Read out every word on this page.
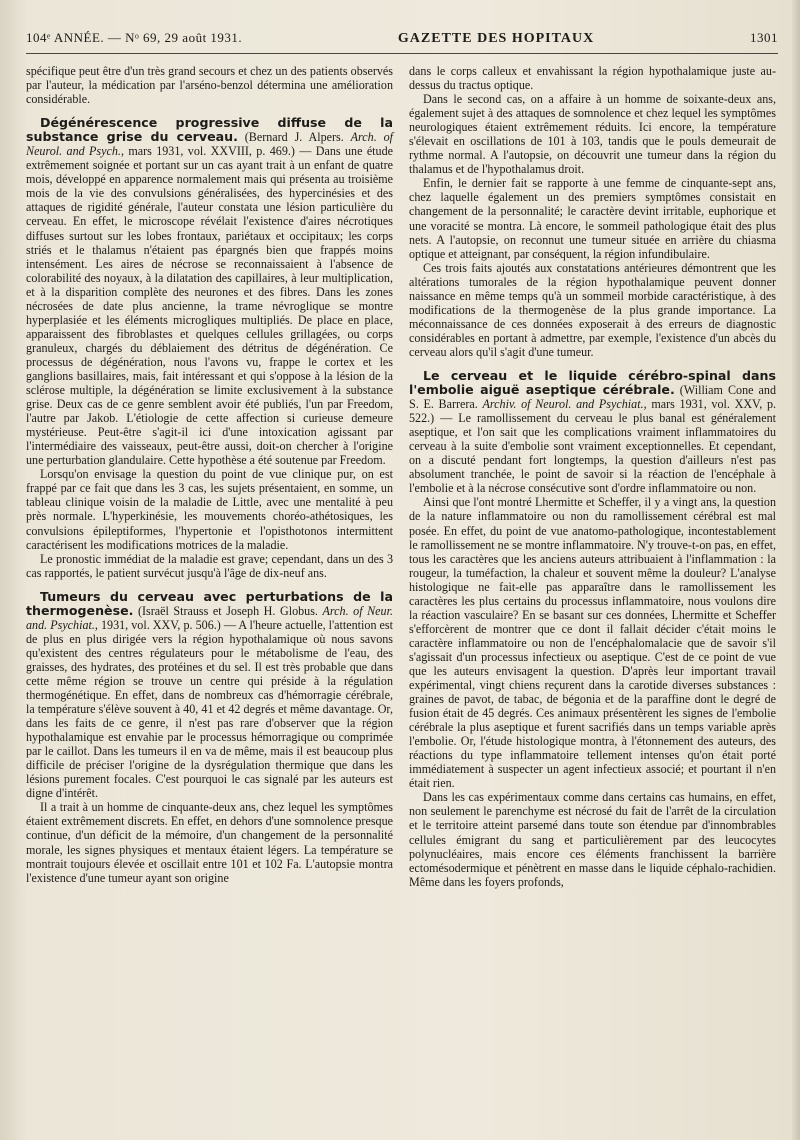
104ᵉ ANNÉE. — Nᵒ 69, 29 août 1931.	GAZETTE DES HOPITAUX	1301

spécifique peut être d'un très grand secours et chez un des patients observés par l'auteur, la médication par l'arséno-benzol détermina une amélioration considérable.

Dégénérescence progressive diffuse de la substance grise du cerveau. (Bernard J. Alpers. Arch. of Neurol. and Psych., mars 1931, vol. XXVIII, p. 469.) — Dans une étude extrêmement soignée et portant sur un cas ayant trait à un enfant de quatre mois, développé en apparence normalement mais qui présenta au troisième mois de la vie des convulsions généralisées, des hypercinésies et des attaques de rigidité générale, l'auteur constata une lésion particulière du cerveau. En effet, le microscope révélait l'existence d'aires nécrotiques diffuses surtout sur les lobes frontaux, pariétaux et occipitaux; les corps striés et le thalamus n'étaient pas épargnés bien que frappés moins intensément. Les aires de nécrose se reconnaissaient à l'absence de colorabilité des noyaux, à la dilatation des capillaires, à leur multiplication, et à la disparition complète des neurones et des fibres. Dans les zones nécrosées de date plus ancienne, la trame névroglique se montre hyperplasiée et les éléments microgliques multipliés. De place en place, apparaissent des fibroblastes et quelques cellules grillagées, ou corps granuleux, chargés du déblaiement des détritus de dégénération. Ce processus de dégénération, nous l'avons vu, frappe le cortex et les ganglions basillaires, mais, fait intéressant et qui s'oppose à la lésion de la sclérose multiple, la dégénération se limite exclusivement à la substance grise. Deux cas de ce genre semblent avoir été publiés, l'un par Freedom, l'autre par Jakob. L'étiologie de cette affection si curieuse demeure mystérieuse. Peut-être s'agit-il ici d'une intoxication agissant par l'intermédiaire des vaisseaux, peut-être aussi, doit-on chercher à l'origine une perturbation glandulaire. Cette hypothèse a été soutenue par Freedom.

Lorsqu'on envisage la question du point de vue clinique pur, on est frappé par ce fait que dans les 3 cas, les sujets présentaient, en somme, un tableau clinique voisin de la maladie de Little, avec une mentalité à peu près normale. L'hyperkinésie, les mouvements choréo-athétosiques, les convulsions épileptiformes, l'hypertonie et l'opisthotonos intermittent caractérisent les modifications motrices de la maladie.

Le pronostic immédiat de la maladie est grave; cependant, dans un des 3 cas rapportés, le patient survécut jusqu'à l'âge de dix-neuf ans.

Tumeurs du cerveau avec perturbations de la thermogenèse. (Israël Strauss et Joseph H. Globus. Arch. of Neur. and. Psychiat., 1931, vol. XXV, p. 506.) — A l'heure actuelle, l'attention est de plus en plus dirigée vers la région hypothalamique où nous savons qu'existent des centres régulateurs pour le métabolisme de l'eau, des graisses, des hydrates, des protéines et du sel. Il est très probable que dans cette même région se trouve un centre qui préside à la régulation thermogénétique. En effet, dans de nombreux cas d'hémorragie cérébrale, la température s'élève souvent à 40, 41 et 42 degrés et même davantage. Or, dans les faits de ce genre, il n'est pas rare d'observer que la région hypothalamique est envahie par le processus hémorragique ou comprimée par le caillot. Dans les tumeurs il en va de même, mais il est beaucoup plus difficile de préciser l'origine de la dysrégulation thermique que dans les lésions purement focales. C'est pourquoi le cas signalé par les auteurs est digne d'intérêt.

Il a trait à un homme de cinquante-deux ans, chez lequel les symptômes étaient extrêmement discrets. En effet, en dehors d'une somnolence presque continue, d'un déficit de la mémoire, d'un changement de la personnalité morale, les signes physiques et mentaux étaient légers. La température se montrait toujours élevée et oscillait entre 101 et 102 Fa. L'autopsie montra l'existence d'une tumeur ayant son origine

dans le corps calleux et envahissant la région hypothalamique juste au-dessus du tractus optique.

Dans le second cas, on a affaire à un homme de soixante-deux ans, également sujet à des attaques de somnolence et chez lequel les symptômes neurologiques étaient extrêmement réduits. Ici encore, la température s'élevait en oscillations de 101 à 103, tandis que le pouls demeurait de rythme normal. A l'autopsie, on découvrit une tumeur dans la région du thalamus et de l'hypothalamus droit.

Enfin, le dernier fait se rapporte à une femme de cinquante-sept ans, chez laquelle également un des premiers symptômes consistait en changement de la personnalité; le caractère devint irritable, euphorique et une voracité se montra. Là encore, le sommeil pathologique était des plus nets. A l'autopsie, on reconnut une tumeur située en arrière du chiasma optique et atteignant, par conséquent, la région infundibulaire.

Ces trois faits ajoutés aux constatations antérieures démontrent que les altérations tumorales de la région hypothalamique peuvent donner naissance en même temps qu'à un sommeil morbide caractéristique, à des modifications de la thermogenèse de la plus grande importance. La méconnaissance de ces données exposerait à des erreurs de diagnostic considérables en portant à admettre, par exemple, l'existence d'un abcès du cerveau alors qu'il s'agit d'une tumeur.

Le cerveau et le liquide cérébro-spinal dans l'embolie aiguë aseptique cérébrale. (William Cone and S. E. Barrera. Archiv. of Neurol. and Psychiat., mars 1931, vol. XXV, p. 522.) — Le ramollissement du cerveau le plus banal est généralement aseptique, et l'on sait que les complications vraiment inflammatoires du cerveau à la suite d'embolie sont vraiment exceptionnelles. Et cependant, on a discuté pendant fort longtemps, la question d'ailleurs n'est pas absolument tranchée, le point de savoir si la réaction de l'encéphale à l'embolie et à la nécrose consécutive sont d'ordre inflammatoire ou non.

Ainsi que l'ont montré Lhermitte et Scheffer, il y a vingt ans, la question de la nature inflammatoire ou non du ramollissement cérébral est mal posée. En effet, du point de vue anatomo-pathologique, incontestablement le ramollissement ne se montre inflammatoire. N'y trouve-t-on pas, en effet, tous les caractères que les anciens auteurs attribuaient à l'inflammation : la rougeur, la tuméfaction, la chaleur et souvent même la douleur? L'analyse histologique ne fait-elle pas apparaître dans le ramollissement les caractères les plus certains du processus inflammatoire, nous voulons dire la réaction vasculaire? En se basant sur ces données, Lhermitte et Scheffer s'efforcèrent de montrer que ce dont il fallait décider c'était moins le caractère inflammatoire ou non de l'encéphalomalacie que de savoir s'il s'agissait d'un processus infectieux ou aseptique. C'est de ce point de vue que les auteurs envisagent la question. D'après leur important travail expérimental, vingt chiens reçurent dans la carotide diverses substances : graines de pavot, de tabac, de bégonia et de la paraffine dont le degré de fusion était de 45 degrés. Ces animaux présentèrent les signes de l'embolie cérébrale la plus aseptique et furent sacrifiés dans un temps variable après l'embolie. Or, l'étude histologique montra, à l'étonnement des auteurs, des réactions du type inflammatoire tellement intenses qu'on était porté immédiatement à suspecter un agent infectieux associé; et pourtant il n'en était rien.

Dans les cas expérimentaux comme dans certains cas humains, en effet, non seulement le parenchyme est nécrosé du fait de l'arrêt de la circulation et le territoire atteint parsemé dans toute son étendue par d'innombrables cellules émigrant du sang et particulièrement par des leucocytes polynucléaires, mais encore ces éléments franchissent la barrière ectomésodermique et pénètrent en masse dans le liquide céphalo-rachidien. Même dans les foyers profonds,
